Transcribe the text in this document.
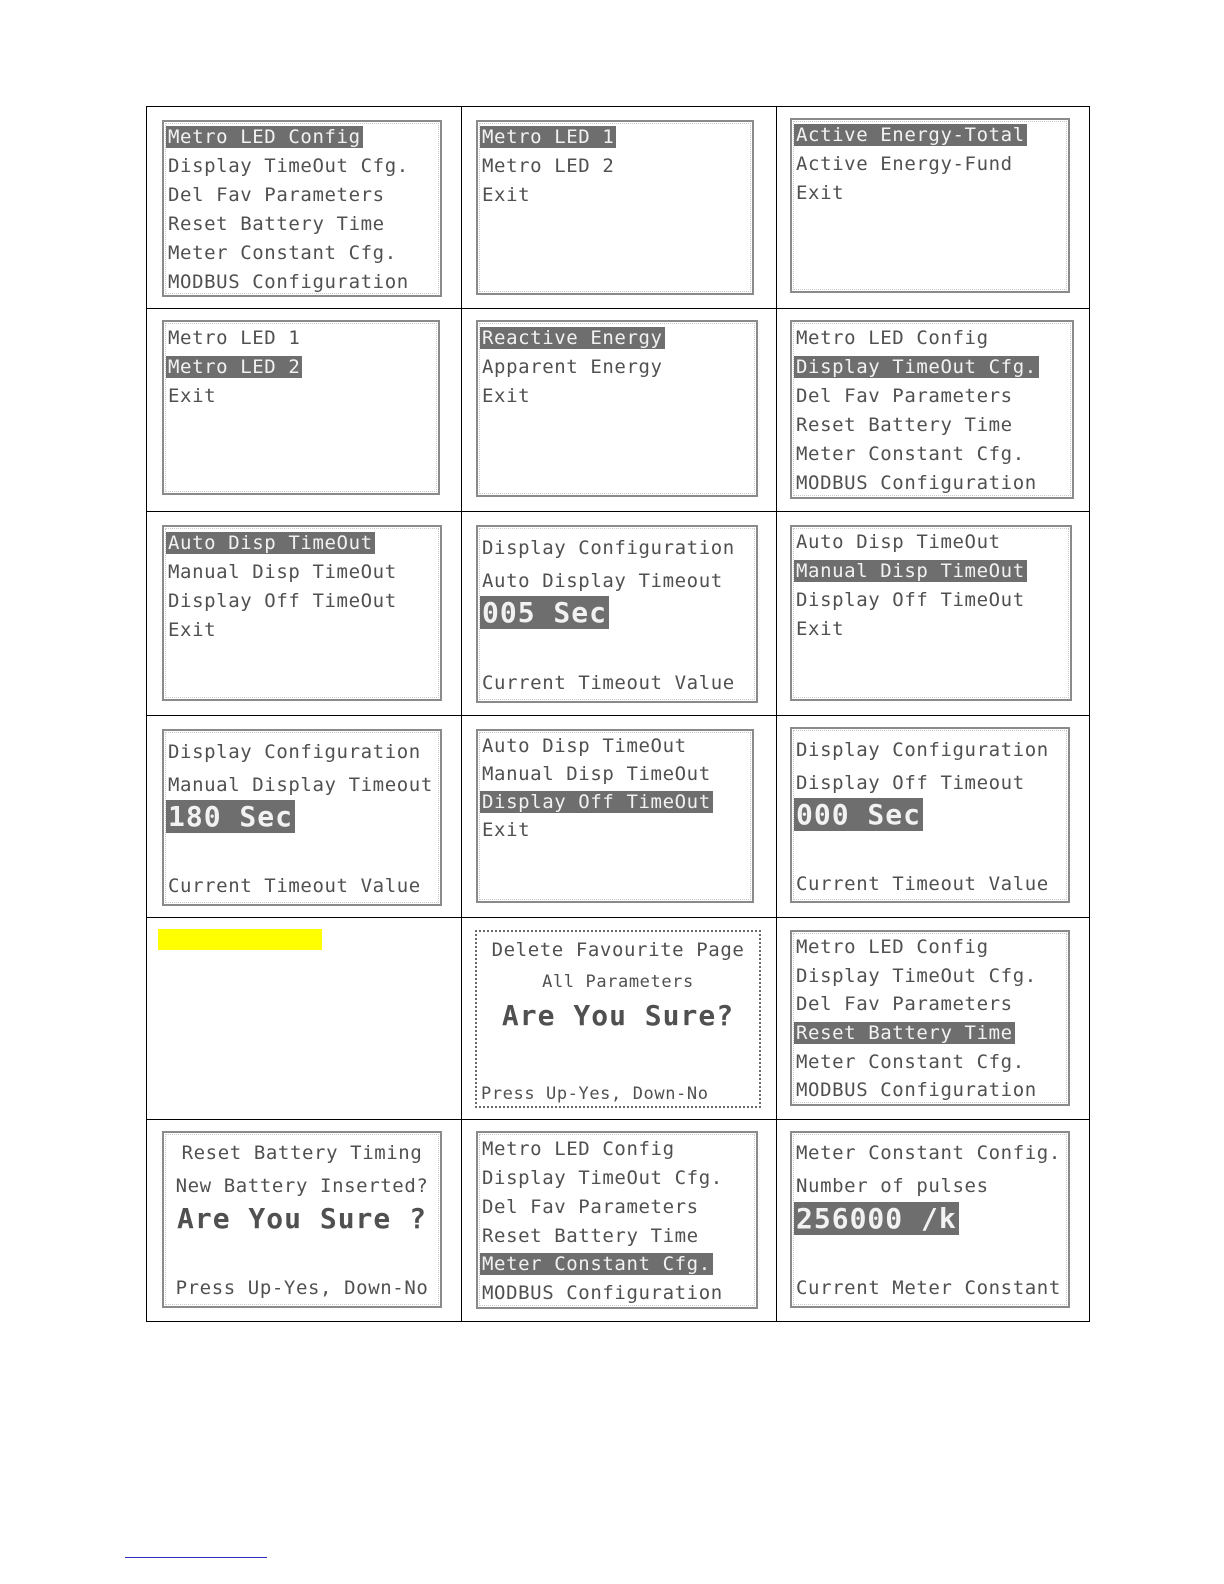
Metro LED Config
Display TimeOut Cfg.
Del Fav Parameters
Reset Battery Time
Meter Constant Cfg.
MODBUS Configuration
Metro LED 1
Metro LED 2
Exit
Active Energy-Total
Active Energy-Fund
Exit
Metro LED 1
Metro LED 2
Exit
Reactive Energy
Apparent Energy
Exit
Metro LED Config
Display TimeOut Cfg.
Del Fav Parameters
Reset Battery Time
Meter Constant Cfg.
MODBUS Configuration
Auto Disp TimeOut
Manual Disp TimeOut
Display Off TimeOut
Exit
Display Configuration
Auto Display Timeout
005 Sec
Current Timeout Value
Auto Disp TimeOut
Manual Disp TimeOut
Display Off TimeOut
Exit
Display Configuration
Manual Display Timeout
180 Sec
Current Timeout Value
Auto Disp TimeOut
Manual Disp TimeOut
Display Off TimeOut
Exit
Display Configuration
Display Off Timeout
000 Sec
Current Timeout Value
Delete Favourite Page
All Parameters
Are You Sure?
Press Up-Yes, Down-No
Metro LED Config
Display TimeOut Cfg.
Del Fav Parameters
Reset Battery Time
Meter Constant Cfg.
MODBUS Configuration
Reset Battery Timing
New Battery Inserted?
Are You Sure ?
Press Up-Yes, Down-No
Metro LED Config
Display TimeOut Cfg.
Del Fav Parameters
Reset Battery Time
Meter Constant Cfg.
MODBUS Configuration
Meter Constant Config.
Number of pulses
256000 /k
Current Meter Constant
